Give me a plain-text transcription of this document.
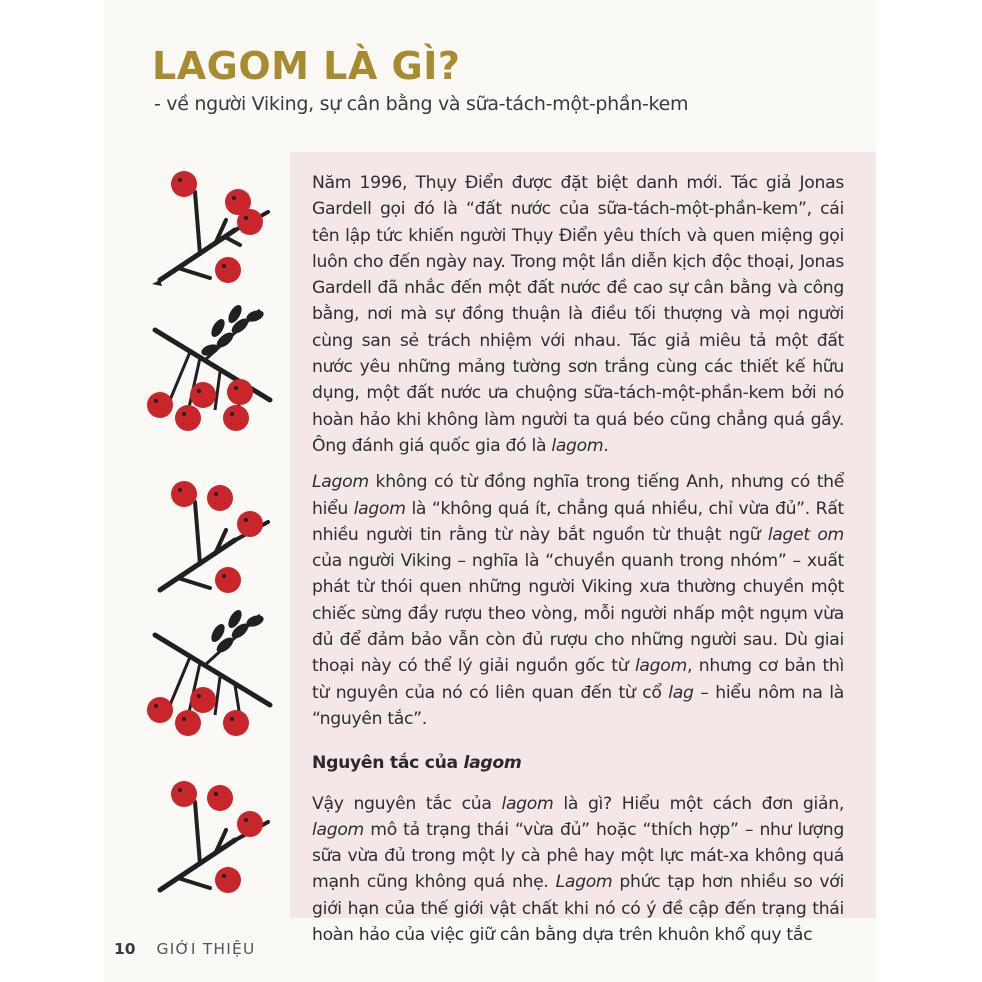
LAGOM LÀ GÌ?
- về người Viking, sự cân bằng và sữa-tách-một-phần-kem

Năm 1996, Thụy Điển được đặt biệt danh mới. Tác giả Jonas Gardell gọi đó là “đất nước của sữa-tách-một-phần-kem”, cái tên lập tức khiến người Thụy Điển yêu thích và quen miệng gọi luôn cho đến ngày nay. Trong một lần diễn kịch độc thoại, Jonas Gardell đã nhắc đến một đất nước đề cao sự cân bằng và công bằng, nơi mà sự đồng thuận là điều tối thượng và mọi người cùng san sẻ trách nhiệm với nhau. Tác giả miêu tả một đất nước yêu những mảng tường sơn trắng cùng các thiết kế hữu dụng, một đất nước ưa chuộng sữa-tách-một-phần-kem bởi nó hoàn hảo khi không làm người ta quá béo cũng chẳng quá gầy. Ông đánh giá quốc gia đó là lagom.

Lagom không có từ đồng nghĩa trong tiếng Anh, nhưng có thể hiểu lagom là “không quá ít, chẳng quá nhiều, chỉ vừa đủ”. Rất nhiều người tin rằng từ này bắt nguồn từ thuật ngữ laget om của người Viking – nghĩa là “chuyền quanh trong nhóm” – xuất phát từ thói quen những người Viking xưa thường chuyền một chiếc sừng đầy rượu theo vòng, mỗi người nhấp một ngụm vừa đủ để đảm bảo vẫn còn đủ rượu cho những người sau. Dù giai thoại này có thể lý giải nguồn gốc từ lagom, nhưng cơ bản thì từ nguyên của nó có liên quan đến từ cổ lag – hiểu nôm na là “nguyên tắc”.

Nguyên tắc của lagom

Vậy nguyên tắc của lagom là gì? Hiểu một cách đơn giản, lagom mô tả trạng thái “vừa đủ” hoặc “thích hợp” – như lượng sữa vừa đủ trong một ly cà phê hay một lực mát-xa không quá mạnh cũng không quá nhẹ. Lagom phức tạp hơn nhiều so với giới hạn của thế giới vật chất khi nó có ý đề cập đến trạng thái hoàn hảo của việc giữ cân bằng dựa trên khuôn khổ quy tắc

10 GIỚI THIỆU
